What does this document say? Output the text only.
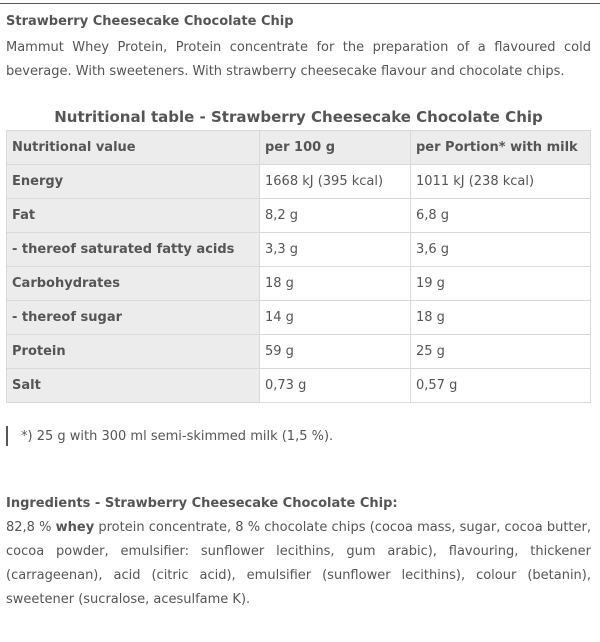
Strawberry Cheesecake Chocolate Chip
Mammut Whey Protein, Protein concentrate for the preparation of a flavoured cold beverage. With sweeteners. With strawberry cheesecake flavour and chocolate chips.
Nutritional table - Strawberry Cheesecake Chocolate Chip
Nutritional value	per 100 g	per Portion* with milk
Energy	1668 kJ (395 kcal)	1011 kJ (238 kcal)
Fat	8,2 g	6,8 g
- thereof saturated fatty acids	3,3 g	3,6 g
Carbohydrates	18 g	19 g
- thereof sugar	14 g	18 g
Protein	59 g	25 g
Salt	0,73 g	0,57 g
*) 25 g with 300 ml semi-skimmed milk (1,5 %).
Ingredients - Strawberry Cheesecake Chocolate Chip:
82,8 % whey protein concentrate, 8 % chocolate chips (cocoa mass, sugar, cocoa butter, cocoa powder, emulsifier: sunflower lecithins, gum arabic), flavouring, thickener (carrageenan), acid (citric acid), emulsifier (sunflower lecithins), colour (betanin), sweetener (sucralose, acesulfame K).
